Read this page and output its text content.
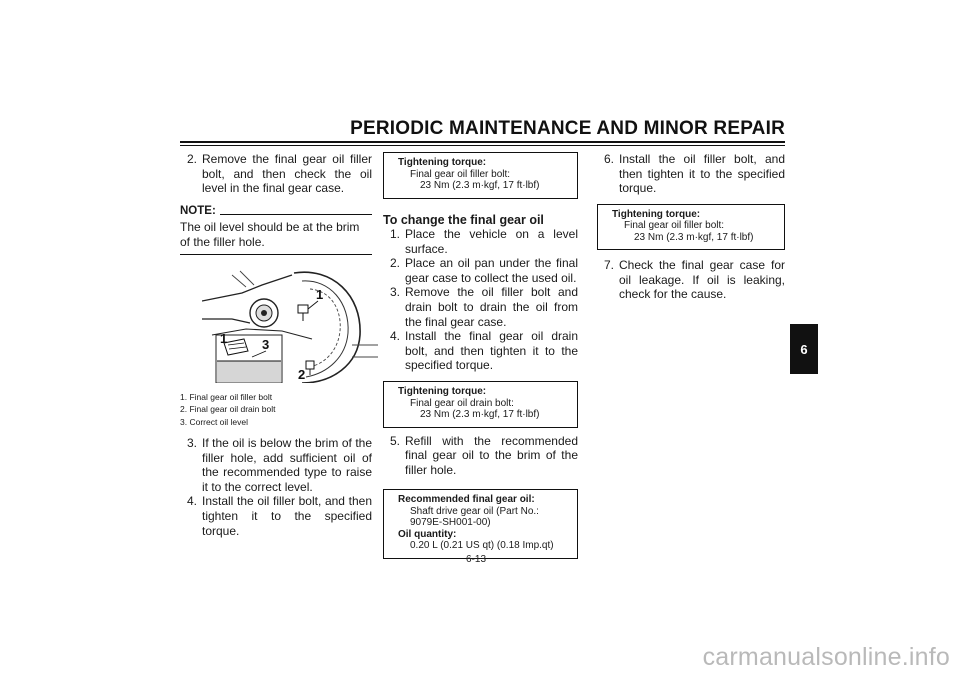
PERIODIC MAINTENANCE AND MINOR REPAIR
2. Remove the final gear oil filler bolt, and then check the oil level in the final gear case.
NOTE:
The oil level should be at the brim of the filler hole.
1
1	3
2
1. Final gear oil filler bolt
2. Final gear oil drain bolt
3. Correct oil level
3. If the oil is below the brim of the filler hole, add sufficient oil of the recommended type to raise it to the correct level.
4. Install the oil filler bolt, and then tighten it to the specified torque.
Tightening torque:
Final gear oil filler bolt:
23 Nm (2.3 m·kgf, 17 ft·lbf)
To change the final gear oil
1. Place the vehicle on a level surface.
2. Place an oil pan under the final gear case to collect the used oil.
3. Remove the oil filler bolt and drain bolt to drain the oil from the final gear case.
4. Install the final gear oil drain bolt, and then tighten it to the specified torque.
Tightening torque:
Final gear oil drain bolt:
23 Nm (2.3 m·kgf, 17 ft·lbf)
5. Refill with the recommended final gear oil to the brim of the filler hole.
Recommended final gear oil:
Shaft drive gear oil (Part No.: 9079E-SH001-00)
Oil quantity:
0.20 L (0.21 US qt) (0.18 Imp.qt)
6. Install the oil filler bolt, and then tighten it to the specified torque.
Tightening torque:
Final gear oil filler bolt:
23 Nm (2.3 m·kgf, 17 ft·lbf)
7. Check the final gear case for oil leakage. If oil is leaking, check for the cause.
6
6-13
carmanualsonline.info
